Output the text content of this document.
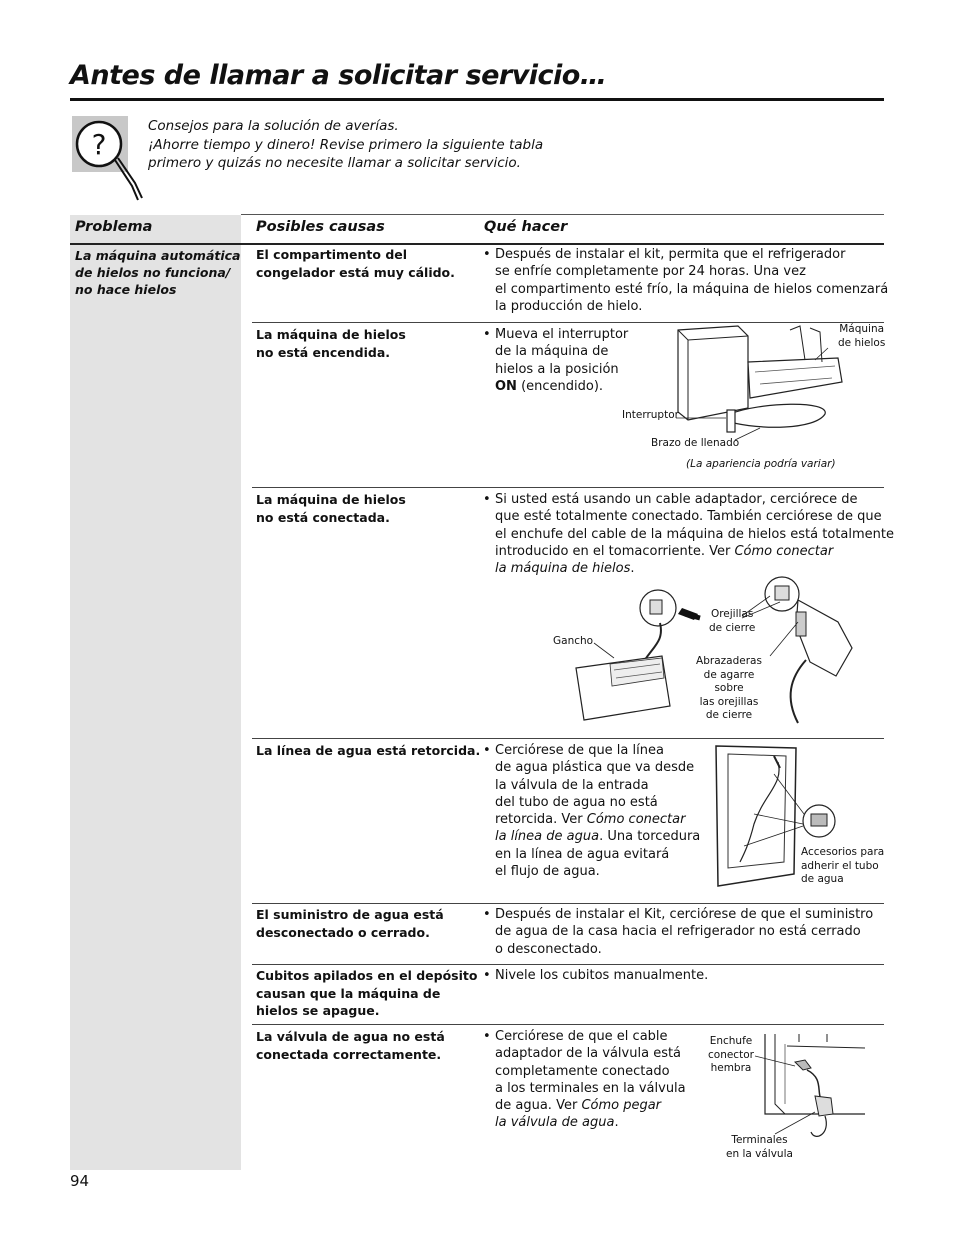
Antes de llamar a solicitar servicio…
?
Consejos para la solución de averías.
¡Ahorre tiempo y dinero! Revise primero la siguiente tabla
primero y quizás no necesite llamar a solicitar servicio.
Problema	Posibles causas	Qué hacer
La máquina automática
de hielos no funciona/
no hace hielos
El compartimento del
congelador está muy cálido.
• Después de instalar el kit, permita que el refrigerador
se enfríe completamente por 24 horas. Una vez
el compartimento esté frío, la máquina de hielos comenzará
la producción de hielo.
La máquina de hielos
no está encendida.
• Mueva el interruptor
de la máquina de
hielos a la posición
ON (encendido).
Máquina
de hielos
Interruptor
Brazo de llenado
(La apariencia podría variar)
La máquina de hielos
no está conectada.
• Si usted está usando un cable adaptador, cerciórece de
que esté totalmente conectado. También cerciórese de que
el enchufe del cable de la máquina de hielos está totalmente
introducido en el tomacorriente. Ver Cómo conectar
la máquina de hielos.
Gancho
Orejillas
de cierre
Abrazaderas
de agarre sobre
las orejillas
de cierre
La línea de agua está retorcida. • Cerciórese de que la línea
de agua plástica que va desde
la válvula de la entrada
del tubo de agua no está
retorcida. Ver Cómo conectar
la línea de agua. Una torcedura
en la línea de agua evitará
el flujo de agua.
Accesorios para
adherir el tubo
de agua
El suministro de agua está
desconectado o cerrado.
• Después de instalar el Kit, cerciórese de que el suministro
de agua de la casa hacia el refrigerador no está cerrado
o desconectado.
Cubitos apilados en el depósito
causan que la máquina de
hielos se apague.
• Nivele los cubitos manualmente.
La válvula de agua no está
conectada correctamente.
• Cerciórese de que el cable
adaptador de la válvula está
completamente conectado
a los terminales en la válvula
de agua. Ver Cómo pegar
la válvula de agua.
Enchufe
conector
hembra
Terminales
en la válvula
94
